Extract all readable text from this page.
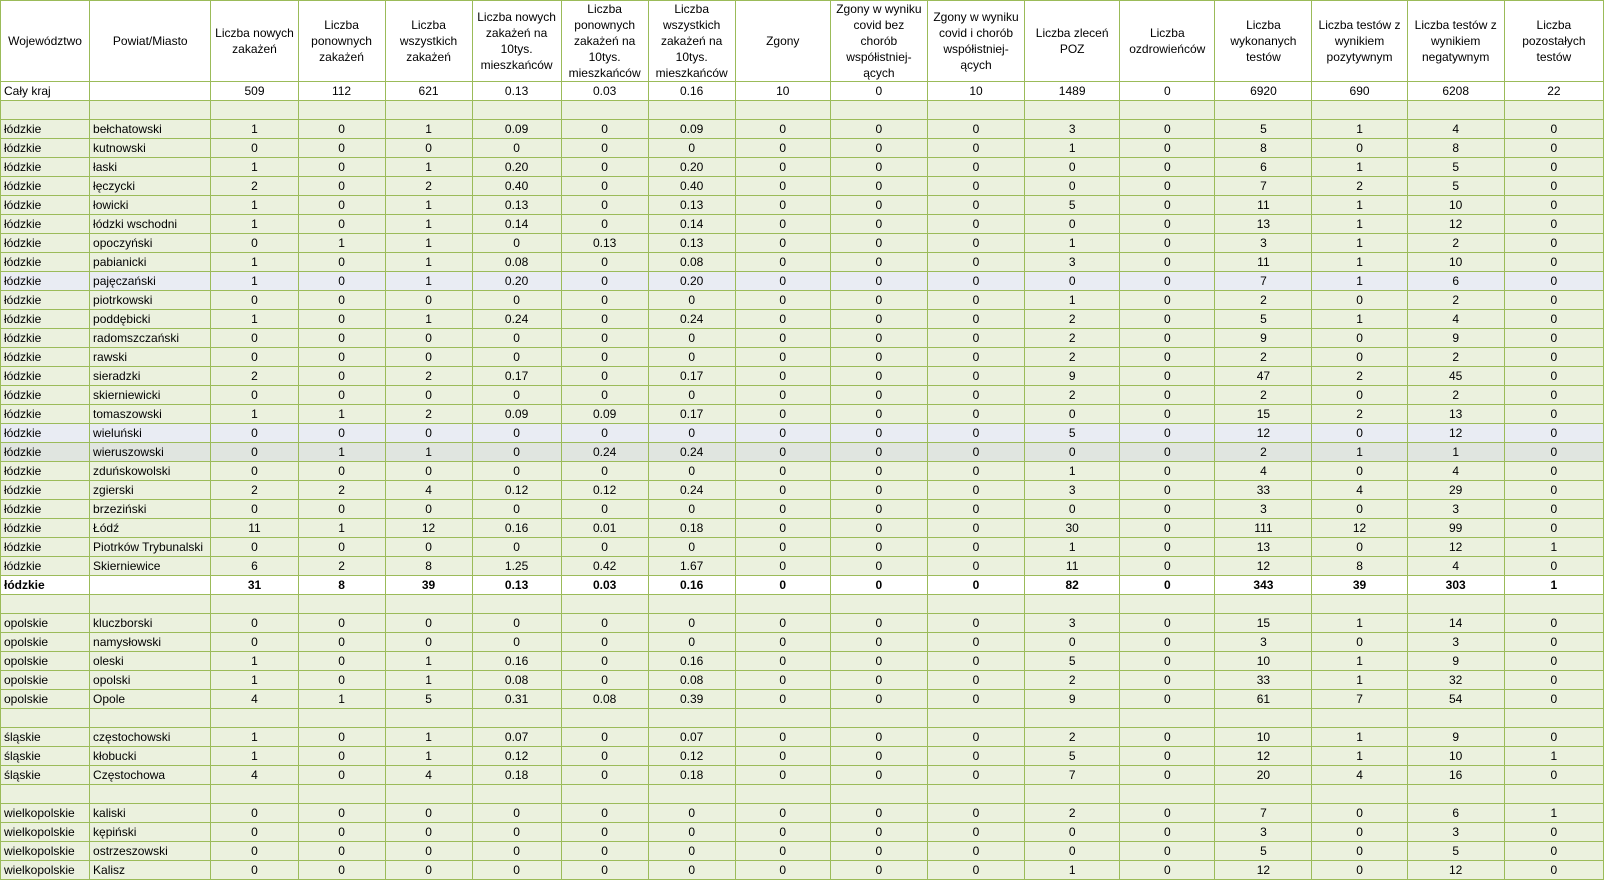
Województwo	Powiat/Miasto	Liczba nowych zakażeń	Liczba ponownych zakażeń	Liczba wszystkich zakażeń	Liczba nowych zakażeń na 10tys. mieszkańców	Liczba ponownych zakażeń na 10tys. mieszkańców	Liczba wszystkich zakażeń na 10tys. mieszkańców	Zgony	Zgony w wyniku covid bez chorób współistniejących	Zgony w wyniku covid i chorób współistniejących	Liczba zleceń POZ	Liczba ozdrowieńców	Liczba wykonanych testów	Liczba testów z wynikiem pozytywnym	Liczba testów z wynikiem negatywnym	Liczba pozostałych testów
Cały kraj		509	112	621	0.13	0.03	0.16	10	0	10	1489	0	6920	690	6208	22

łódzkie	bełchatowski	1	0	1	0.09	0	0.09	0	0	0	3	0	5	1	4	0
łódzkie	kutnowski	0	0	0	0	0	0	0	0	0	1	0	8	0	8	0
łódzkie	łaski	1	0	1	0.20	0	0.20	0	0	0	0	0	6	1	5	0
łódzkie	łęczycki	2	0	2	0.40	0	0.40	0	0	0	0	0	7	2	5	0
łódzkie	łowicki	1	0	1	0.13	0	0.13	0	0	0	5	0	11	1	10	0
łódzkie	łódzki wschodni	1	0	1	0.14	0	0.14	0	0	0	0	0	13	1	12	0
łódzkie	opoczyński	0	1	1	0	0.13	0.13	0	0	0	1	0	3	1	2	0
łódzkie	pabianicki	1	0	1	0.08	0	0.08	0	0	0	3	0	11	1	10	0
łódzkie	pajęczański	1	0	1	0.20	0	0.20	0	0	0	0	0	7	1	6	0
łódzkie	piotrkowski	0	0	0	0	0	0	0	0	0	1	0	2	0	2	0
łódzkie	poddębicki	1	0	1	0.24	0	0.24	0	0	0	2	0	5	1	4	0
łódzkie	radomszczański	0	0	0	0	0	0	0	0	0	2	0	9	0	9	0
łódzkie	rawski	0	0	0	0	0	0	0	0	0	2	0	2	0	2	0
łódzkie	sieradzki	2	0	2	0.17	0	0.17	0	0	0	9	0	47	2	45	0
łódzkie	skierniewicki	0	0	0	0	0	0	0	0	0	2	0	2	0	2	0
łódzkie	tomaszowski	1	1	2	0.09	0.09	0.17	0	0	0	0	0	15	2	13	0
łódzkie	wieluński	0	0	0	0	0	0	0	0	0	5	0	12	0	12	0
łódzkie	wieruszowski	0	1	1	0	0.24	0.24	0	0	0	0	0	2	1	1	0
łódzkie	zduńskowolski	0	0	0	0	0	0	0	0	0	1	0	4	0	4	0
łódzkie	zgierski	2	2	4	0.12	0.12	0.24	0	0	0	3	0	33	4	29	0
łódzkie	brzeziński	0	0	0	0	0	0	0	0	0	0	0	3	0	3	0
łódzkie	Łódź	11	1	12	0.16	0.01	0.18	0	0	0	30	0	111	12	99	0
łódzkie	Piotrków Trybunalski	0	0	0	0	0	0	0	0	0	1	0	13	0	12	1
łódzkie	Skierniewice	6	2	8	1.25	0.42	1.67	0	0	0	11	0	12	8	4	0
łódzkie		31	8	39	0.13	0.03	0.16	0	0	0	82	0	343	39	303	1

opolskie	kluczborski	0	0	0	0	0	0	0	0	0	3	0	15	1	14	0
opolskie	namysłowski	0	0	0	0	0	0	0	0	0	0	0	3	0	3	0
opolskie	oleski	1	0	1	0.16	0	0.16	0	0	0	5	0	10	1	9	0
opolskie	opolski	1	0	1	0.08	0	0.08	0	0	0	2	0	33	1	32	0
opolskie	Opole	4	1	5	0.31	0.08	0.39	0	0	0	9	0	61	7	54	0

śląskie	częstochowski	1	0	1	0.07	0	0.07	0	0	0	2	0	10	1	9	0
śląskie	kłobucki	1	0	1	0.12	0	0.12	0	0	0	5	0	12	1	10	1
śląskie	Częstochowa	4	0	4	0.18	0	0.18	0	0	0	7	0	20	4	16	0

wielkopolskie	kaliski	0	0	0	0	0	0	0	0	0	2	0	7	0	6	1
wielkopolskie	kępiński	0	0	0	0	0	0	0	0	0	0	0	3	0	3	0
wielkopolskie	ostrzeszowski	0	0	0	0	0	0	0	0	0	0	0	5	0	5	0
wielkopolskie	Kalisz	0	0	0	0	0	0	0	0	0	1	0	12	0	12	0
